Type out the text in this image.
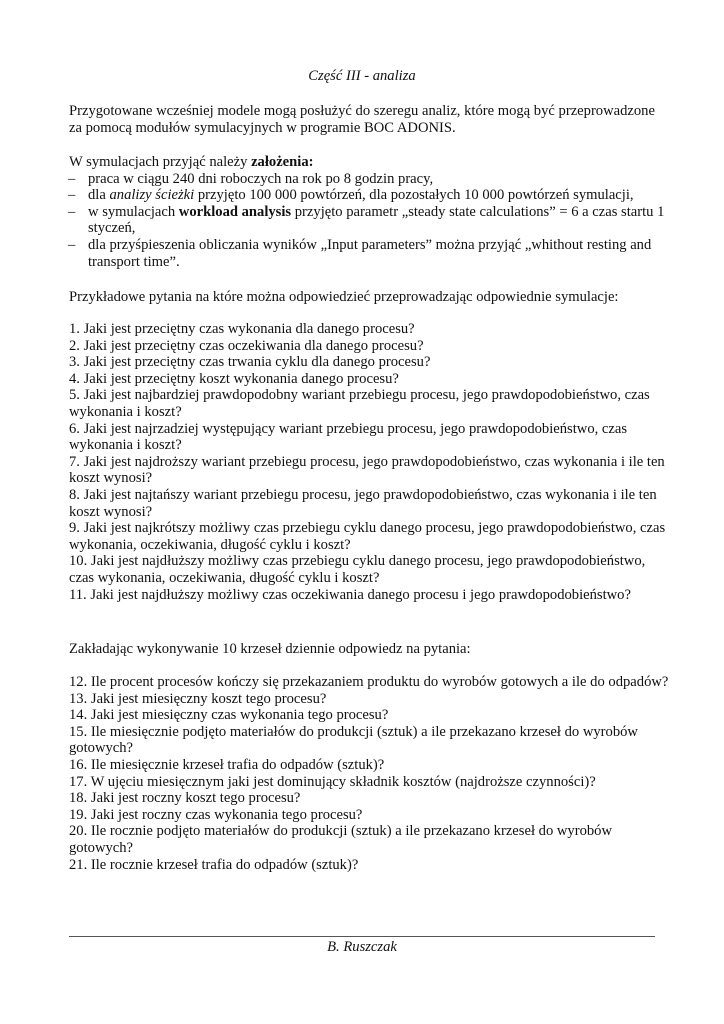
Część III - analiza

Przygotowane wcześniej modele mogą posłużyć do szeregu analiz, które mogą być przeprowadzone

za pomocą modułów symulacyjnych w programie BOC ADONIS.

W symulacjach przyjąć należy założenia:

– praca w ciągu 240 dni roboczych na rok po 8 godzin pracy,
– dla analizy ścieżki przyjęto 100 000 powtórzeń, dla pozostałych 10 000 powtórzeń symulacji,
– w symulacjach workload analysis przyjęto parametr „steady state calculations” = 6 a czas startu 1 styczeń,
– dla przyśpieszenia obliczania wyników „Input parameters” można przyjąć „whithout resting and transport time”.
Przykładowe pytania na które można odpowiedzieć przeprowadzając odpowiednie symulacje:
1. Jaki jest przeciętny czas wykonania dla danego procesu?
2. Jaki jest przeciętny czas oczekiwania dla danego procesu?
3. Jaki jest przeciętny czas trwania cyklu dla danego procesu?
4. Jaki jest przeciętny koszt wykonania danego procesu?
5. Jaki jest najbardziej prawdopodobny wariant przebiegu procesu, jego prawdopodobieństwo, czas wykonania i koszt?
6. Jaki jest najrzadziej występujący wariant przebiegu procesu, jego prawdopodobieństwo, czas wykonania i koszt?
7. Jaki jest najdroższy wariant przebiegu procesu, jego prawdopodobieństwo, czas wykonania i ile ten koszt wynosi?
8. Jaki jest najtańszy wariant przebiegu procesu, jego prawdopodobieństwo, czas wykonania i ile ten koszt wynosi?
9. Jaki jest najkrótszy możliwy czas przebiegu cyklu danego procesu, jego prawdopodobieństwo, czas wykonania, oczekiwania, długość cyklu i koszt?
10. Jaki jest najdłuższy możliwy czas przebiegu cyklu danego procesu, jego prawdopodobieństwo, czas wykonania, oczekiwania, długość cyklu i koszt?
11. Jaki jest najdłuższy możliwy czas oczekiwania danego procesu i jego prawdopodobieństwo?
Zakładając wykonywanie 10 krzeseł dziennie odpowiedz na pytania:
12. Ile procent procesów kończy się przekazaniem produktu do wyrobów gotowych a ile do odpadów?
13. Jaki jest miesięczny koszt tego procesu?
14. Jaki jest miesięczny czas wykonania tego procesu?
15. Ile miesięcznie podjęto materiałów do produkcji (sztuk) a ile przekazano krzeseł do wyrobów gotowych?
16. Ile miesięcznie krzeseł trafia do odpadów (sztuk)?
17. W ujęciu miesięcznym jaki jest dominujący składnik kosztów (najdroższe czynności)?
18. Jaki jest roczny koszt tego procesu?
19. Jaki jest roczny czas wykonania tego procesu?
20. Ile rocznie podjęto materiałów do produkcji (sztuk) a ile przekazano krzeseł do wyrobów gotowych?
21. Ile rocznie krzeseł trafia do odpadów (sztuk)?
B. Ruszczak
